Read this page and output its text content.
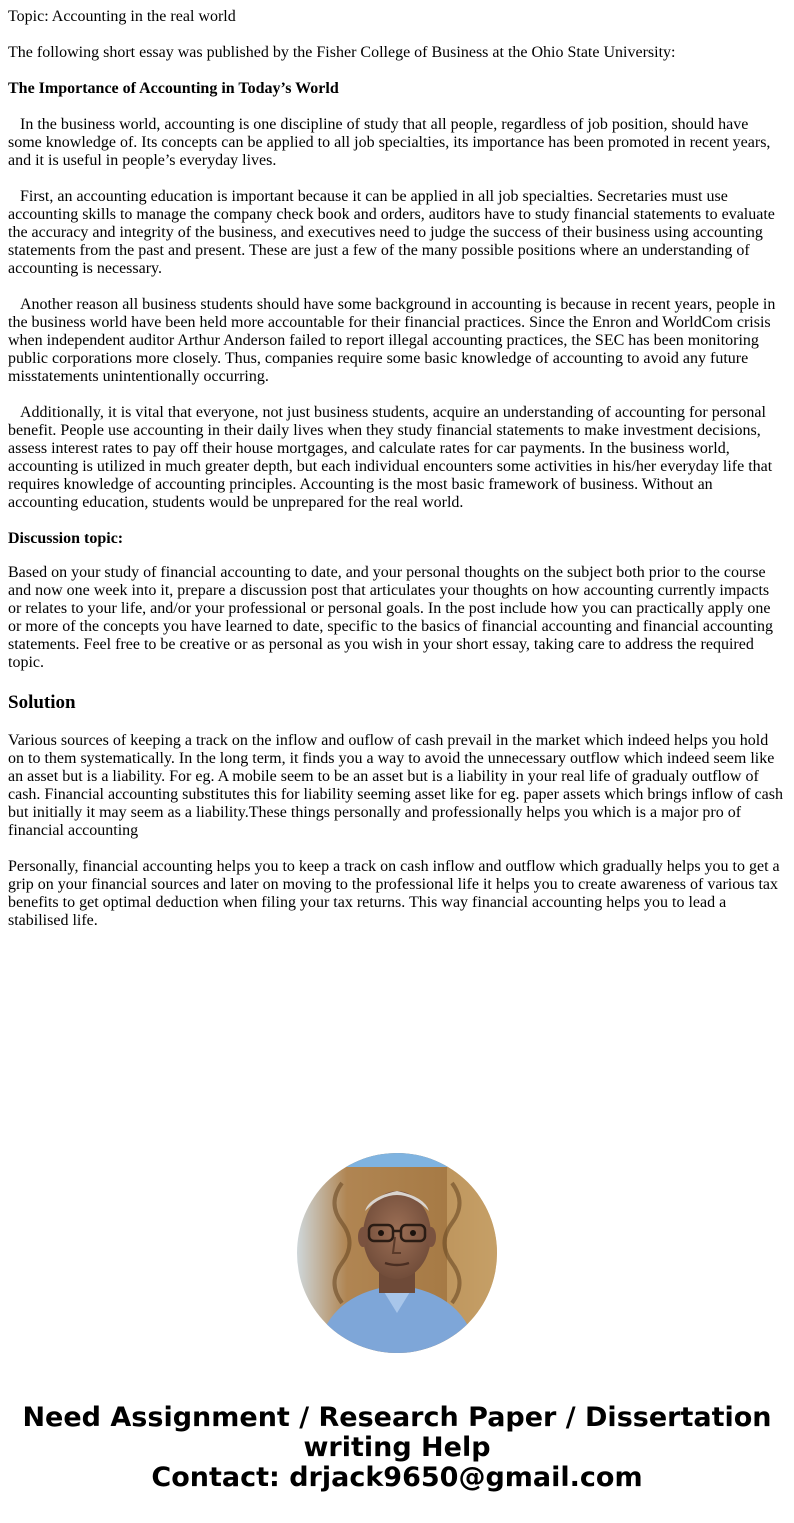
Topic: Accounting in the real world

The following short essay was published by the Fisher College of Business at the Ohio State University:

The Importance of Accounting in Today’s World

In the business world, accounting is one discipline of study that all people, regardless of job position, should have some knowledge of. Its concepts can be applied to all job specialties, its importance has been promoted in recent years, and it is useful in people’s everyday lives.

First, an accounting education is important because it can be applied in all job specialties. Secretaries must use accounting skills to manage the company check book and orders, auditors have to study financial statements to evaluate the accuracy and integrity of the business, and executives need to judge the success of their business using accounting statements from the past and present. These are just a few of the many possible positions where an understanding of accounting is necessary.

Another reason all business students should have some background in accounting is because in recent years, people in the business world have been held more accountable for their financial practices. Since the Enron and WorldCom crisis when independent auditor Arthur Anderson failed to report illegal accounting practices, the SEC has been monitoring public corporations more closely. Thus, companies require some basic knowledge of accounting to avoid any future misstatements unintentionally occurring.

Additionally, it is vital that everyone, not just business students, acquire an understanding of accounting for personal benefit. People use accounting in their daily lives when they study financial statements to make investment decisions, assess interest rates to pay off their house mortgages, and calculate rates for car payments. In the business world, accounting is utilized in much greater depth, but each individual encounters some activities in his/her everyday life that requires knowledge of accounting principles. Accounting is the most basic framework of business. Without an accounting education, students would be unprepared for the real world.

Discussion topic:

Based on your study of financial accounting to date, and your personal thoughts on the subject both prior to the course and now one week into it, prepare a discussion post that articulates your thoughts on how accounting currently impacts or relates to your life, and/or your professional or personal goals. In the post include how you can practically apply one or more of the concepts you have learned to date, specific to the basics of financial accounting and financial accounting statements. Feel free to be creative or as personal as you wish in your short essay, taking care to address the required topic.

Solution

Various sources of keeping a track on the inflow and ouflow of cash prevail in the market which indeed helps you hold on to them systematically. In the long term, it finds you a way to avoid the unnecessary outflow which indeed seem like an asset but is a liability. For eg. A mobile seem to be an asset but is a liability in your real life of gradualy outflow of cash. Financial accounting substitutes this for liability seeming asset like for eg. paper assets which brings inflow of cash but initially it may seem as a liability.These things personally and professionally helps you which is a major pro of financial accounting

Personally, financial accounting helps you to keep a track on cash inflow and outflow which gradually helps you to get a grip on your financial sources and later on moving to the professional life it helps you to create awareness of various tax benefits to get optimal deduction when filing your tax returns. This way financial accounting helps you to lead a stabilised life.

Need Assignment / Research Paper / Dissertation
writing Help
Contact: drjack9650@gmail.com
